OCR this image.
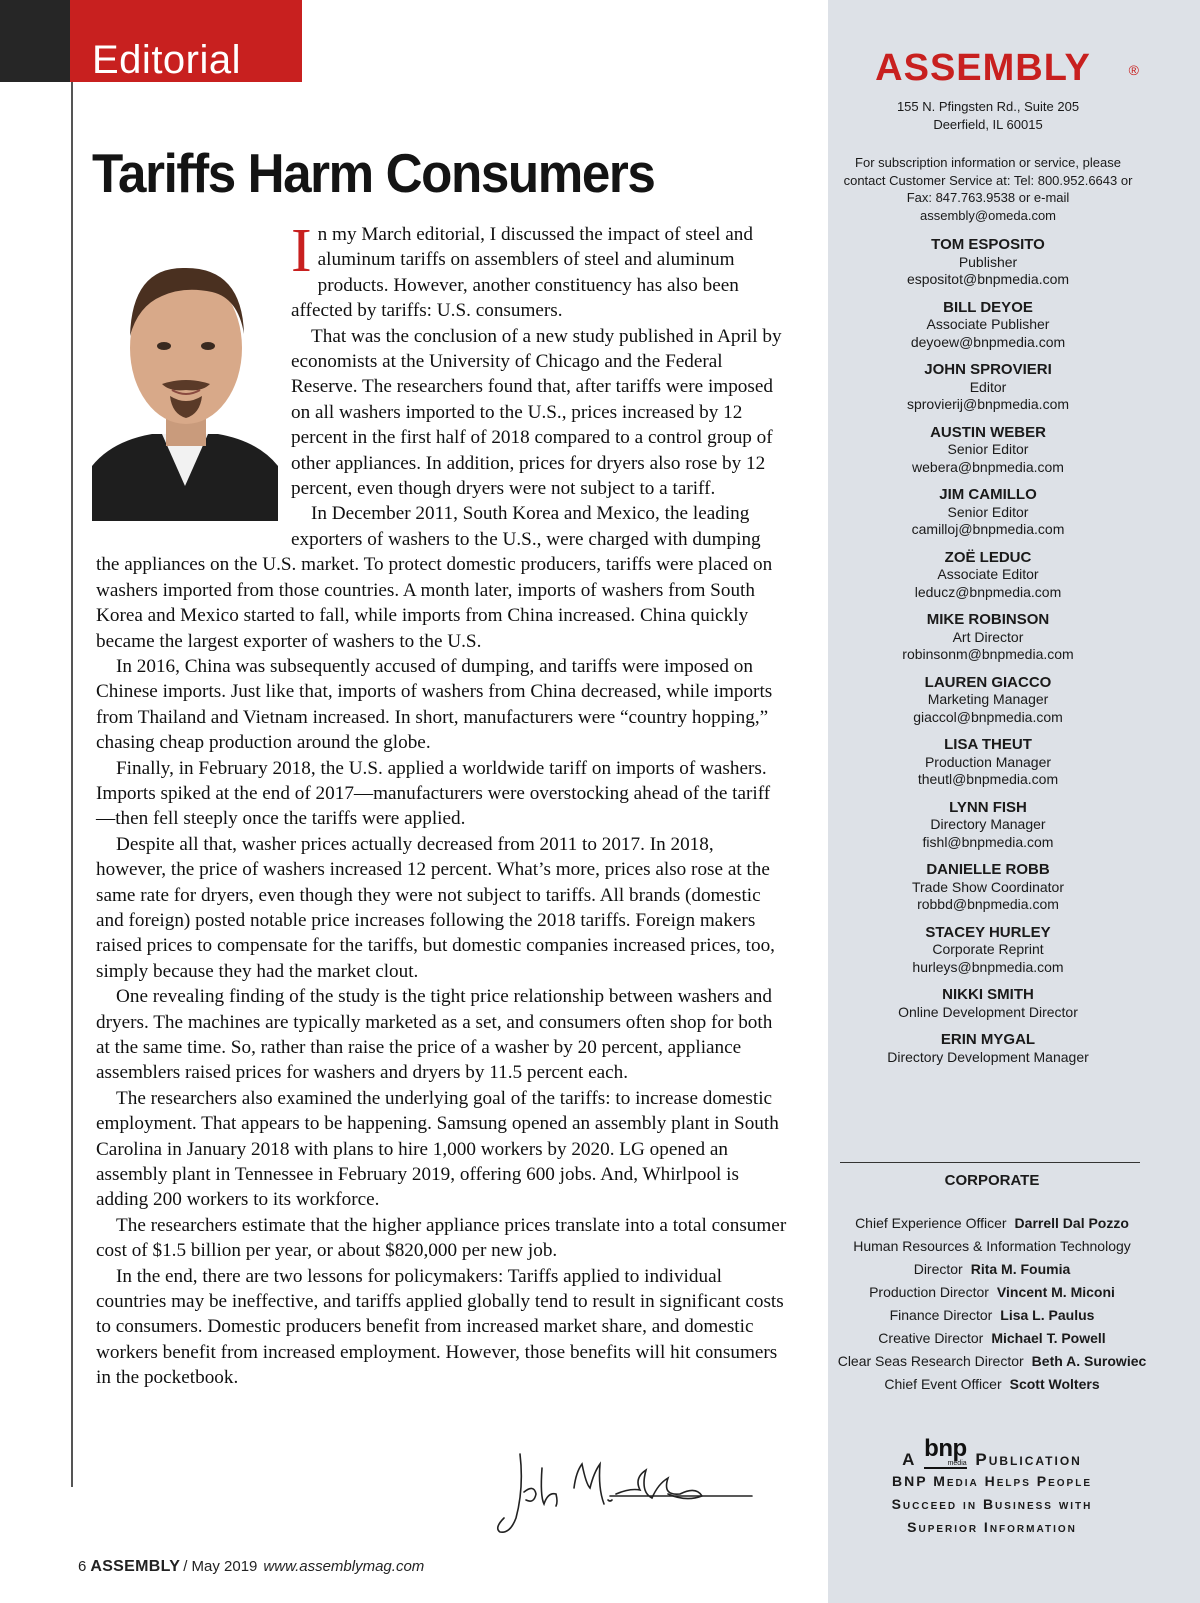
Editorial
Tariffs Harm Consumers

In my March editorial, I discussed the impact of steel and aluminum tariffs on assemblers of steel and aluminum products. However, another constituency has also been affected by tariffs: U.S. consumers.

That was the conclusion of a new study published in April by economists at the University of Chicago and the Federal Reserve. The researchers found that, after tariffs were imposed on all washers imported to the U.S., prices increased by 12 percent in the first half of 2018 compared to a control group of other appliances. In addition, prices for dryers also rose by 12 percent, even though dryers were not subject to a tariff.

In December 2011, South Korea and Mexico, the leading exporters of washers to the U.S., were charged with dumping the appliances on the U.S. market. To protect domestic producers, tariffs were placed on washers imported from those countries. A month later, imports of washers from South Korea and Mexico started to fall, while imports from China increased. China quickly became the largest exporter of washers to the U.S.

In 2016, China was subsequently accused of dumping, and tariffs were imposed on Chinese imports. Just like that, imports of washers from China decreased, while imports from Thailand and Vietnam increased. In short, manufacturers were “country hopping,” chasing cheap production around the globe.

Finally, in February 2018, the U.S. applied a worldwide tariff on imports of washers. Imports spiked at the end of 2017—manufacturers were overstocking ahead of the tariff—then fell steeply once the tariffs were applied.

Despite all that, washer prices actually decreased from 2011 to 2017. In 2018, however, the price of washers increased 12 percent. What’s more, prices also rose at the same rate for dryers, even though they were not subject to tariffs. All brands (domestic and foreign) posted notable price increases following the 2018 tariffs. Foreign makers raised prices to compensate for the tariffs, but domestic companies increased prices, too, simply because they had the market clout.

One revealing finding of the study is the tight price relationship between washers and dryers. The machines are typically marketed as a set, and consumers often shop for both at the same time. So, rather than raise the price of a washer by 20 percent, appliance assemblers raised prices for washers and dryers by 11.5 percent each.

The researchers also examined the underlying goal of the tariffs: to increase domestic employment. That appears to be happening. Samsung opened an assembly plant in South Carolina in January 2018 with plans to hire 1,000 workers by 2020. LG opened an assembly plant in Tennessee in February 2019, offering 600 jobs. And, Whirlpool is adding 200 workers to its workforce.

The researchers estimate that the higher appliance prices translate into a total consumer cost of $1.5 billion per year, or about $820,000 per new job.

In the end, there are two lessons for policymakers: Tariffs applied to individual countries may be ineffective, and tariffs applied globally tend to result in significant costs to consumers. Domestic producers benefit from increased market share, and domestic workers benefit from increased employment. However, those benefits will hit consumers in the pocketbook.

6 ASSEMBLY / May 2019 www.assemblymag.com
ASSEMBLY	®
155 N. Pfingsten Rd., Suite 205
Deerfield, IL 60015
For subscription information or service, please
contact Customer Service at: Tel: 800.952.6643 or
Fax: 847.763.9538 or e-mail
assembly@omeda.com
TOM ESPOSITO
Publisher
espositot@bnpmedia.com
BILL DEYOE
Associate Publisher
deyoew@bnpmedia.com
JOHN SPROVIERI
Editor
sprovierij@bnpmedia.com
AUSTIN WEBER
Senior Editor
webera@bnpmedia.com
JIM CAMILLO
Senior Editor
camilloj@bnpmedia.com
ZOË LEDUC
Associate Editor
leducz@bnpmedia.com
MIKE ROBINSON
Art Director
robinsonm@bnpmedia.com
LAUREN GIACCO
Marketing Manager
giaccol@bnpmedia.com
LISA THEUT
Production Manager
theutl@bnpmedia.com
LYNN FISH
Directory Manager
fishl@bnpmedia.com
DANIELLE ROBB
Trade Show Coordinator
robbd@bnpmedia.com
STACEY HURLEY
Corporate Reprint
hurleys@bnpmedia.com
NIKKI SMITH
Online Development Director
ERIN MYGAL
Directory Development Manager
CORPORATE
Chief Experience Officer Darrell Dal Pozzo
Human Resources & Information Technology
Director Rita M. Foumia
Production Director Vincent M. Miconi
Finance Director Lisa L. Paulus
Creative Director Michael T. Powell
Clear Seas Research Director Beth A. Surowiec
Chief Event Officer Scott Wolters
A bnp
media Publication
BNP Media Helps People
Succeed in Business with
Superior Information
